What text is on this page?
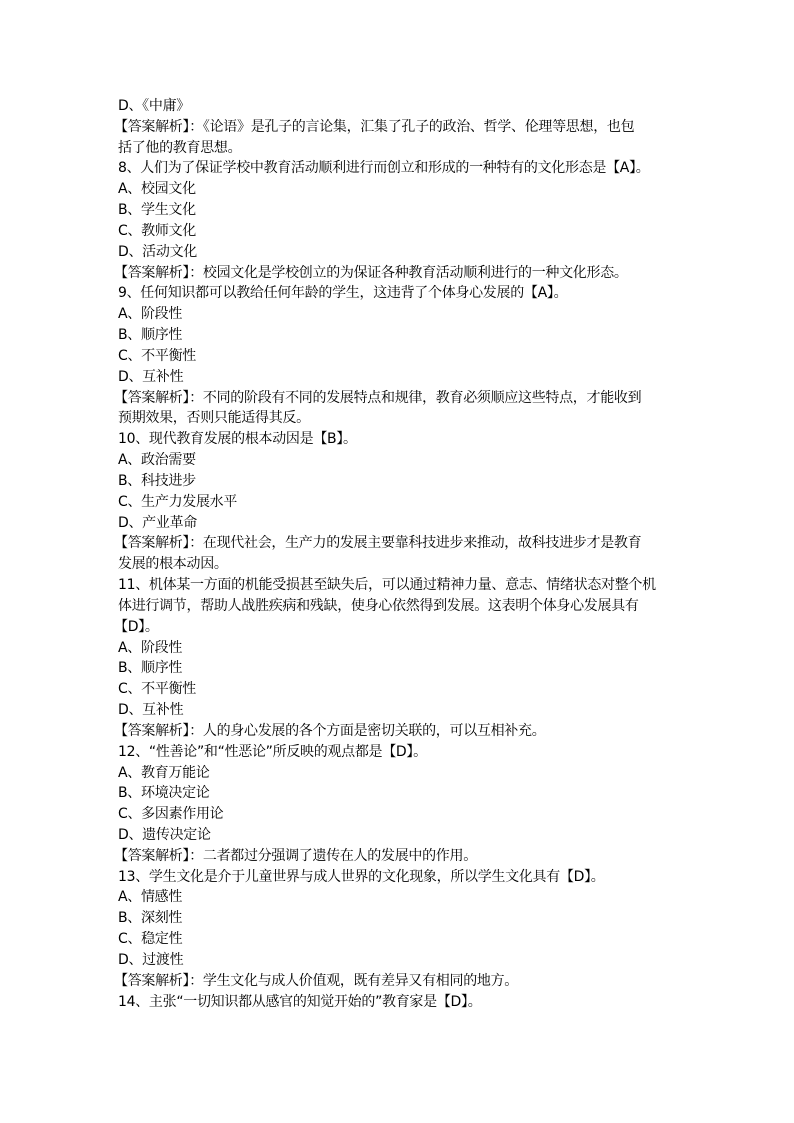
D、《中庸》
【答案解析】：《论语》是孔子的言论集，汇集了孔子的政治、哲学、伦理等思想，也包
括了他的教育思想。
8、人们为了保证学校中教育活动顺利进行而创立和形成的一种特有的文化形态是【A】。
A、校园文化
B、学生文化
C、教师文化
D、活动文化
【答案解析】：校园文化是学校创立的为保证各种教育活动顺利进行的一种文化形态。
9、任何知识都可以教给任何年龄的学生，这违背了个体身心发展的【A】。
A、阶段性
B、顺序性
C、不平衡性
D、互补性
【答案解析】：不同的阶段有不同的发展特点和规律，教育必须顺应这些特点，才能收到
预期效果，否则只能适得其反。
10、现代教育发展的根本动因是【B】。
A、政治需要
B、科技进步
C、生产力发展水平
D、产业革命
【答案解析】：在现代社会，生产力的发展主要靠科技进步来推动，故科技进步才是教育
发展的根本动因。
11、机体某一方面的机能受损甚至缺失后，可以通过精神力量、意志、情绪状态对整个机
体进行调节，帮助人战胜疾病和残缺，使身心依然得到发展。这表明个体身心发展具有
【D】。
A、阶段性
B、顺序性
C、不平衡性
D、互补性
【答案解析】：人的身心发展的各个方面是密切关联的，可以互相补充。
12、“性善论”和“性恶论”所反映的观点都是【D】。
A、教育万能论
B、环境决定论
C、多因素作用论
D、遗传决定论
【答案解析】：二者都过分强调了遗传在人的发展中的作用。
13、学生文化是介于儿童世界与成人世界的文化现象，所以学生文化具有【D】。
A、情感性
B、深刻性
C、稳定性
D、过渡性
【答案解析】：学生文化与成人价值观，既有差异又有相同的地方。
14、主张“一切知识都从感官的知觉开始的”教育家是【D】。
